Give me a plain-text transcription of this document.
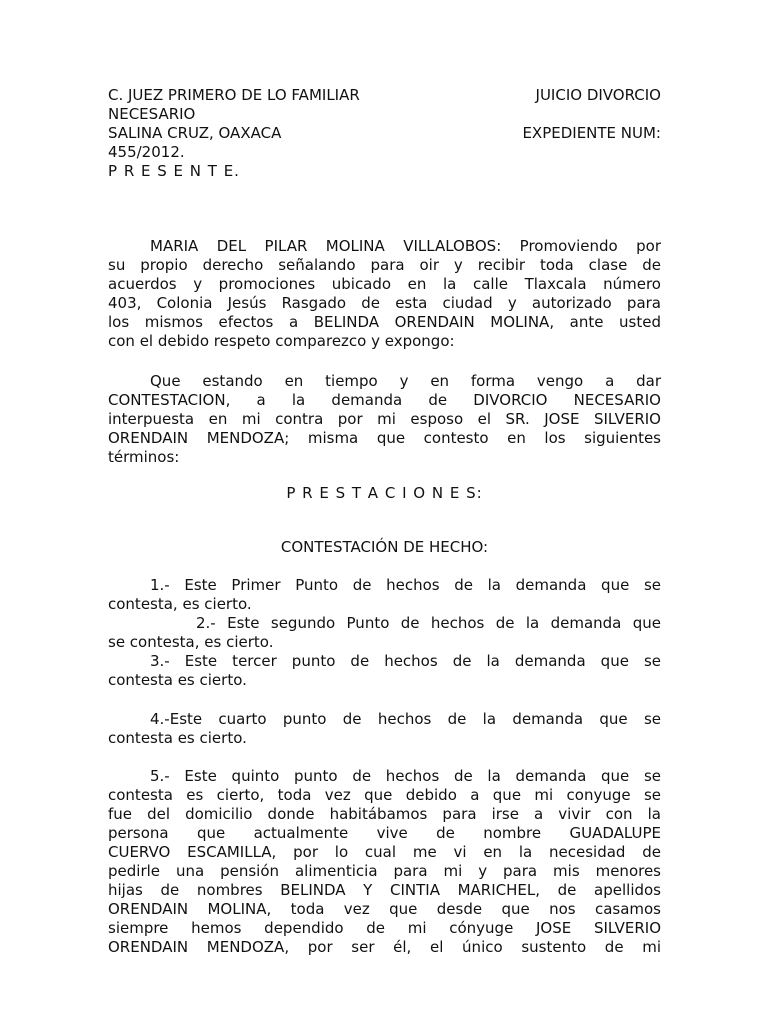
C. JUEZ PRIMERO DE LO FAMILIAR	JUICIO DIVORCIO
NECESARIO
SALINA CRUZ, OAXACA	EXPEDIENTE NUM:
455/2012.
P R E S E N T E.
MARIA DEL PILAR MOLINA VILLALOBOS: Promoviendo por
su propio derecho señalando para oir y recibir toda clase de
acuerdos y promociones ubicado en la calle Tlaxcala número
403, Colonia Jesús Rasgado de esta ciudad y autorizado para
los mismos efectos a BELINDA ORENDAIN MOLINA, ante usted
con el debido respeto comparezco y expongo:
Que estando en tiempo y en forma vengo a dar
CONTESTACION, a la demanda de DIVORCIO NECESARIO
interpuesta en mi contra por mi esposo el SR. JOSE SILVERIO
ORENDAIN MENDOZA; misma que contesto en los siguientes
términos:
P R E S T A C I O N E S:
CONTESTACIÓN DE HECHO:
1.- Este Primer Punto de hechos de la demanda que se
contesta, es cierto.
2.- Este segundo Punto de hechos de la demanda que
se contesta, es cierto.
3.- Este tercer punto de hechos de la demanda que se
contesta es cierto.
4.-Este cuarto punto de hechos de la demanda que se
contesta es cierto.
5.- Este quinto punto de hechos de la demanda que se
contesta es cierto, toda vez que debido a que mi conyuge se
fue del domicilio donde habitábamos para irse a vivir con la
persona que actualmente vive de nombre GUADALUPE
CUERVO ESCAMILLA, por lo cual me vi en la necesidad de
pedirle una pensión alimenticia para mi y para mis menores
hijas de nombres BELINDA Y CINTIA MARICHEL, de apellidos
ORENDAIN MOLINA, toda vez que desde que nos casamos
siempre hemos dependido de mi cónyuge JOSE SILVERIO
ORENDAIN MENDOZA, por ser él, el único sustento de mi
